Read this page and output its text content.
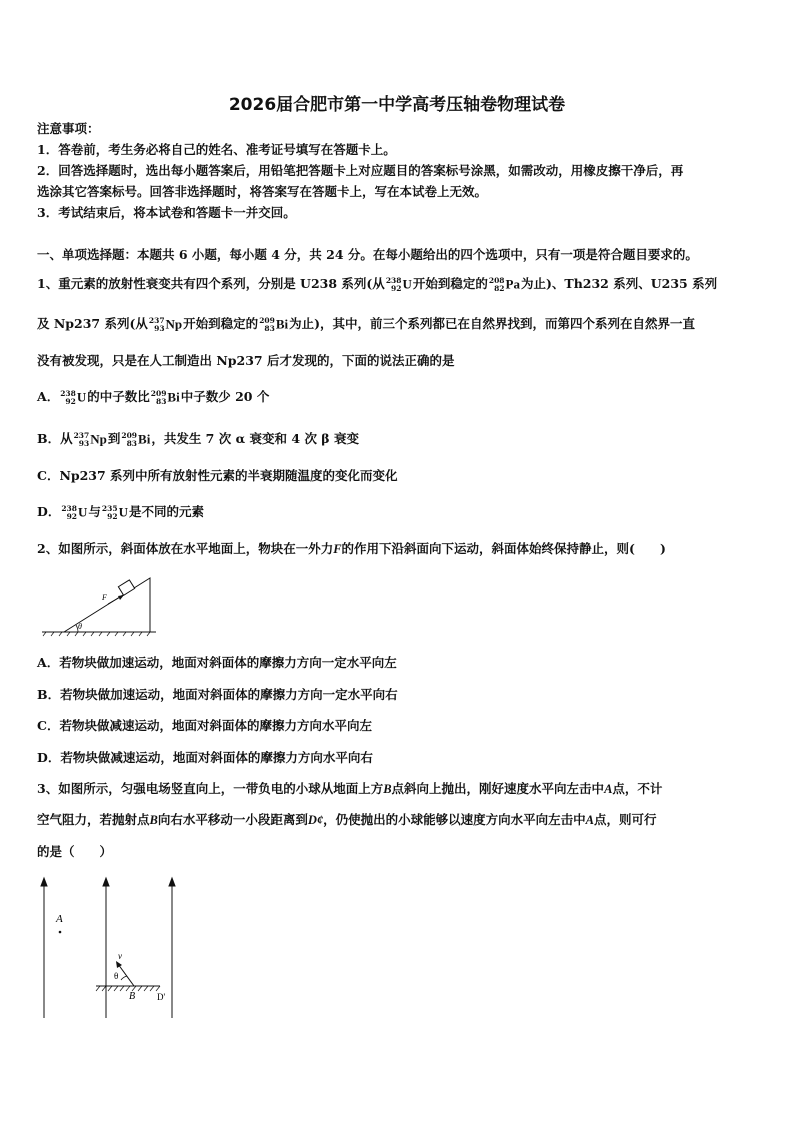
2026届合肥市第一中学高考压轴卷物理试卷
注意事项：
1．答卷前，考生务必将自己的姓名、准考证号填写在答题卡上。
2．回答选择题时，选出每小题答案后，用铅笔把答题卡上对应题目的答案标号涂黑，如需改动，用橡皮擦干净后，再
选涂其它答案标号。回答非选择题时，将答案写在答题卡上，写在本试卷上无效。
3．考试结束后，将本试卷和答题卡一并交回。
一、单项选择题：本题共 6 小题，每小题 4 分，共 24 分。在每小题给出的四个选项中，只有一项是符合题目要求的。
1、重元素的放射性衰变共有四个系列，分别是 U238 系列(从 238
92 U开始到稳定的 208
82 Pa为止)、Th232 系列、U235 系列
及 Np237 系列(从 237
93 Np开始到稳定的 209
83 Bi为止)，其中，前三个系列都已在自然界找到，而第四个系列在自然界一直
没有被发现，只是在人工制造出 Np237 后才发现的，下面的说法正确的是
A． 238
92 U的中子数比 209
83 Bi中子数少 20 个
B．从 237
93 Np到 209
83 Bi，共发生 7 次 α 衰变和 4 次 β 衰变
C．Np237 系列中所有放射性元素的半衰期随温度的变化而变化
D． 238
92 U与 235
92 U是不同的元素
2、如图所示，斜面体放在水平地面上，物块在一外力F的作用下沿斜面向下运动，斜面体始终保持静止，则(　　)
θ
F
A．若物块做加速运动，地面对斜面体的摩擦力方向一定水平向左
B．若物块做加速运动，地面对斜面体的摩擦力方向一定水平向右
C．若物块做减速运动，地面对斜面体的摩擦力方向水平向左
D．若物块做减速运动，地面对斜面体的摩擦力方向水平向右
3、如图所示，匀强电场竖直向上，一带负电的小球从地面上方B点斜向上抛出，刚好速度水平向左击中A点，不计
空气阻力，若抛射点B向右水平移动一小段距离到D¢，仍使抛出的小球能够以速度方向水平向左击中A点，则可行
的是（　　）
A
v
θ
B D'
